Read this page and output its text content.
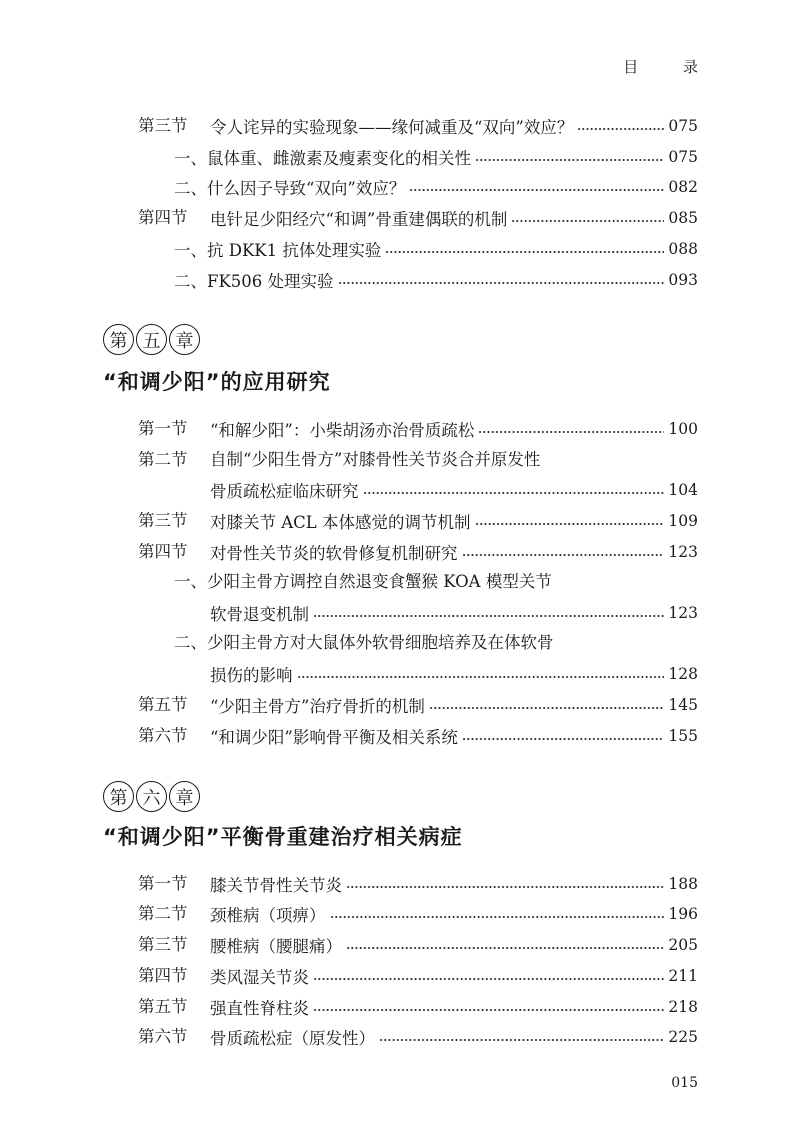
目 录
第三节 令人诧异的实验现象——缘何减重及“双向”效应？	075
一、鼠体重、雌激素及瘦素变化的相关性	075
二、什么因子导致“双向”效应？	082
第四节 电针足少阳经穴“和调”骨重建偶联的机制	085
一、抗 DKK1 抗体处理实验	088
二、FK506 处理实验	093
第 五 章
“和调少阳”的应用研究
第一节 “和解少阳”：小柴胡汤亦治骨质疏松	100
第二节 自制“少阳生骨方”对膝骨性关节炎合并原发性
骨质疏松症临床研究	104
第三节 对膝关节 ACL 本体感觉的调节机制	109
第四节 对骨性关节炎的软骨修复机制研究	123
一、少阳主骨方调控自然退变食蟹猴 KOA 模型关节
软骨退变机制	123
二、少阳主骨方对大鼠体外软骨细胞培养及在体软骨
损伤的影响	128
第五节 “少阳主骨方”治疗骨折的机制	145
第六节 “和调少阳”影响骨平衡及相关系统	155
第 六 章
“和调少阳”平衡骨重建治疗相关病症
第一节 膝关节骨性关节炎	188
第二节 颈椎病（项痹）	196
第三节 腰椎病（腰腿痛）	205
第四节 类风湿关节炎	211
第五节 强直性脊柱炎	218
第六节 骨质疏松症（原发性）	225
015
